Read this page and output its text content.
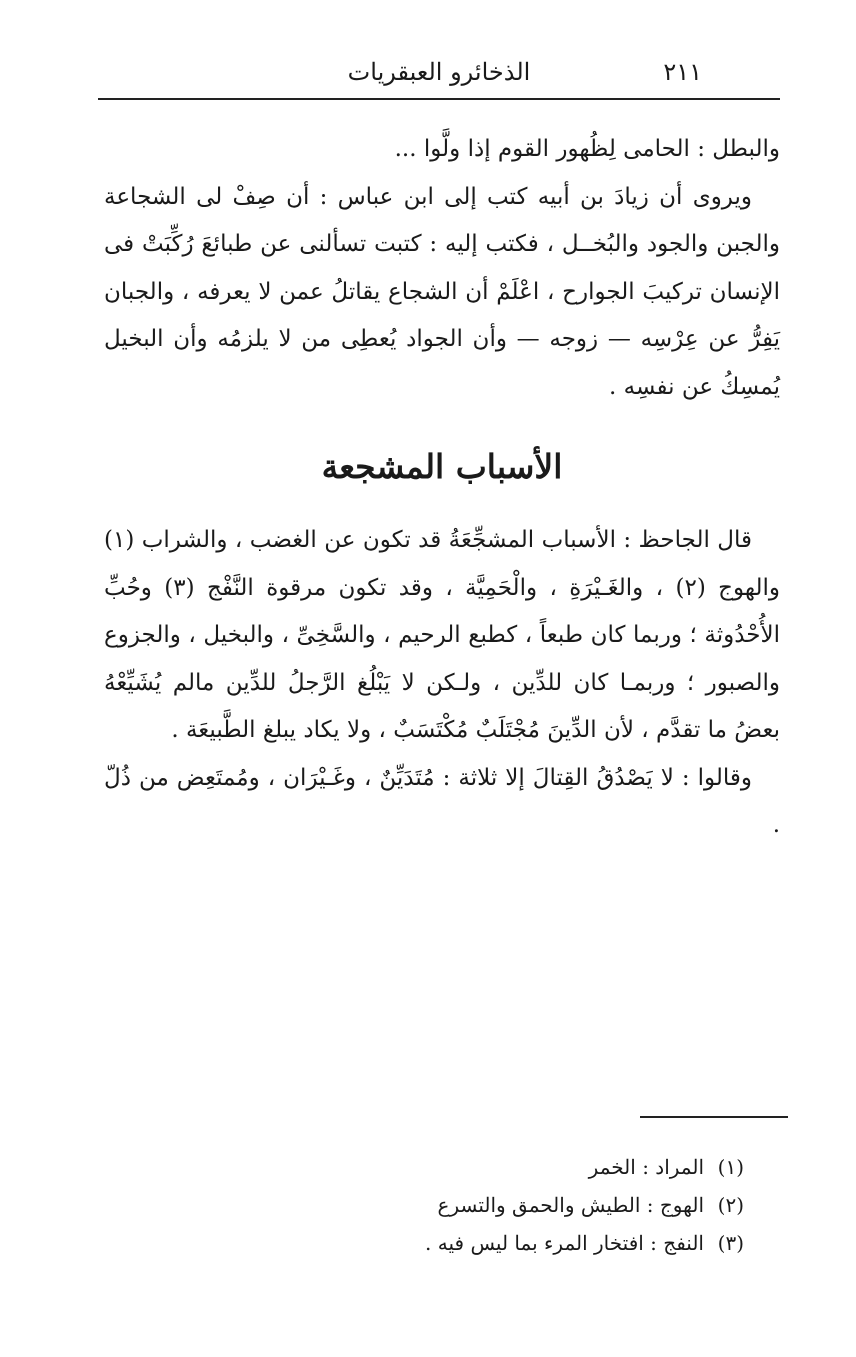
الذخائرو العبقريات	٢١١

والبطل : الحامى لِظُهور القوم إذا ولَّوا ...

ويروى أن زيادَ بن أبيه كتب إلى ابن عباس : أن صِفْ لى الشجاعة والجبن والجود والبُخــل ، فكتب إليه : كتبت تسألنى عن طبائعَ رُكِّبَتْ فى الإنسان تركيبَ الجوارح ، اعْلَمْ أن الشجاع يقاتلُ عمن لا يعرفه ، والجبان يَفِرُّ عن عِرْسِه — زوجه — وأن الجواد يُعطِى من لا يلزمُه وأن البخيل يُمسِكُ عن نفسِه .

الأسباب المشجعة

قال الجاحظ : الأسباب المشجِّعَةُ قد تكون عن الغضب ، والشراب (١) والهوج (٢) ، والغَـيْرَةِ ، والْحَمِيَّة ، وقد تكون مرقوة النَّفْج (٣) وحُبِّ الأُحْدُوثة ؛ وربما كان طبعاً ، كطبع الرحيم ، والسَّخِىِّ ، والبخيل ، والجزوع والصبور ؛ وربمـا كان للدِّين ، ولـكن لا يَبْلُغ الرَّجلُ للدِّين مالم يُشَيِّعْهُ بعضُ ما تقدَّم ، لأن الدِّينَ مُجْتَلَبٌ مُكْتَسَبٌ ، ولا يكاد يبلغ الطَّبيعَة .

وقالوا : لا يَصْدُقُ القِتالَ إلا ثلاثة : مُتَدَيِّنٌ ، وغَـيْرَان ، ومُمتَعِض من ذُلّ .

(١)
المراد : الخمر
(٢)
الهوج : الطيش والحمق والتسرع
(٣)
النفج : افتخار المرء بما ليس فيه .
